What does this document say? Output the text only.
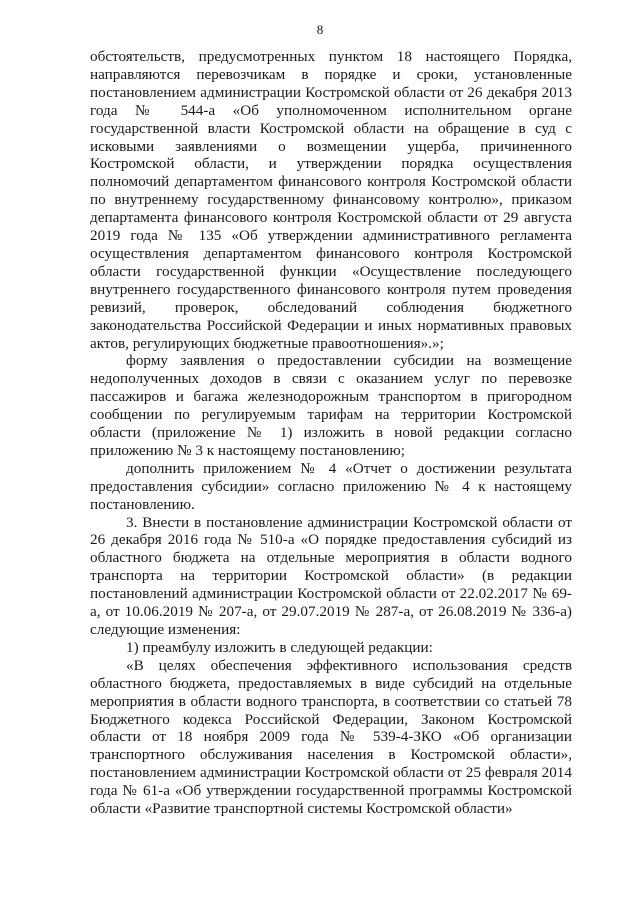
8

обстоятельств, предусмотренных пунктом 18 настоящего Порядка, направляются перевозчикам в порядке и сроки, установленные постановлением администрации Костромской области от 26 декабря 2013 года № 544-а «Об уполномоченном исполнительном органе государственной власти Костромской области на обращение в суд с исковыми заявлениями о возмещении ущерба, причиненного Костромской области, и утверждении порядка осуществления полномочий департаментом финансового контроля Костромской области по внутреннему государственному финансовому контролю», приказом департамента финансового контроля Костромской области от 29 августа 2019 года № 135 «Об утверждении административного регламента осуществления департаментом финансового контроля Костромской области государственной функции «Осуществление последующего внутреннего государственного финансового контроля путем проведения ревизий, проверок, обследований соблюдения бюджетного законодательства Российской Федерации и иных нормативных правовых актов, регулирующих бюджетные правоотношения».»;

форму заявления о предоставлении субсидии на возмещение недополученных доходов в связи с оказанием услуг по перевозке пассажиров и багажа железнодорожным транспортом в пригородном сообщении по регулируемым тарифам на территории Костромской области (приложение № 1) изложить в новой редакции согласно приложению № 3 к настоящему постановлению;

дополнить приложением № 4 «Отчет о достижении результата предоставления субсидии» согласно приложению № 4 к настоящему постановлению.

3. Внести в постановление администрации Костромской области от 26 декабря 2016 года № 510-а «О порядке предоставления субсидий из областного бюджета на отдельные мероприятия в области водного транспорта на территории Костромской области» (в редакции постановлений администрации Костромской области от 22.02.2017 № 69-а, от 10.06.2019 № 207-а, от 29.07.2019 № 287-а, от 26.08.2019 № 336-а) следующие изменения:

1) преамбулу изложить в следующей редакции:

«В целях обеспечения эффективного использования средств областного бюджета, предоставляемых в виде субсидий на отдельные мероприятия в области водного транспорта, в соответствии со статьей 78 Бюджетного кодекса Российской Федерации, Законом Костромской области от 18 ноября 2009 года № 539-4-ЗКО «Об организации транспортного обслуживания населения в Костромской области», постановлением администрации Костромской области от 25 февраля 2014 года № 61-а «Об утверждении государственной программы Костромской области «Развитие транспортной системы Костромской области»
